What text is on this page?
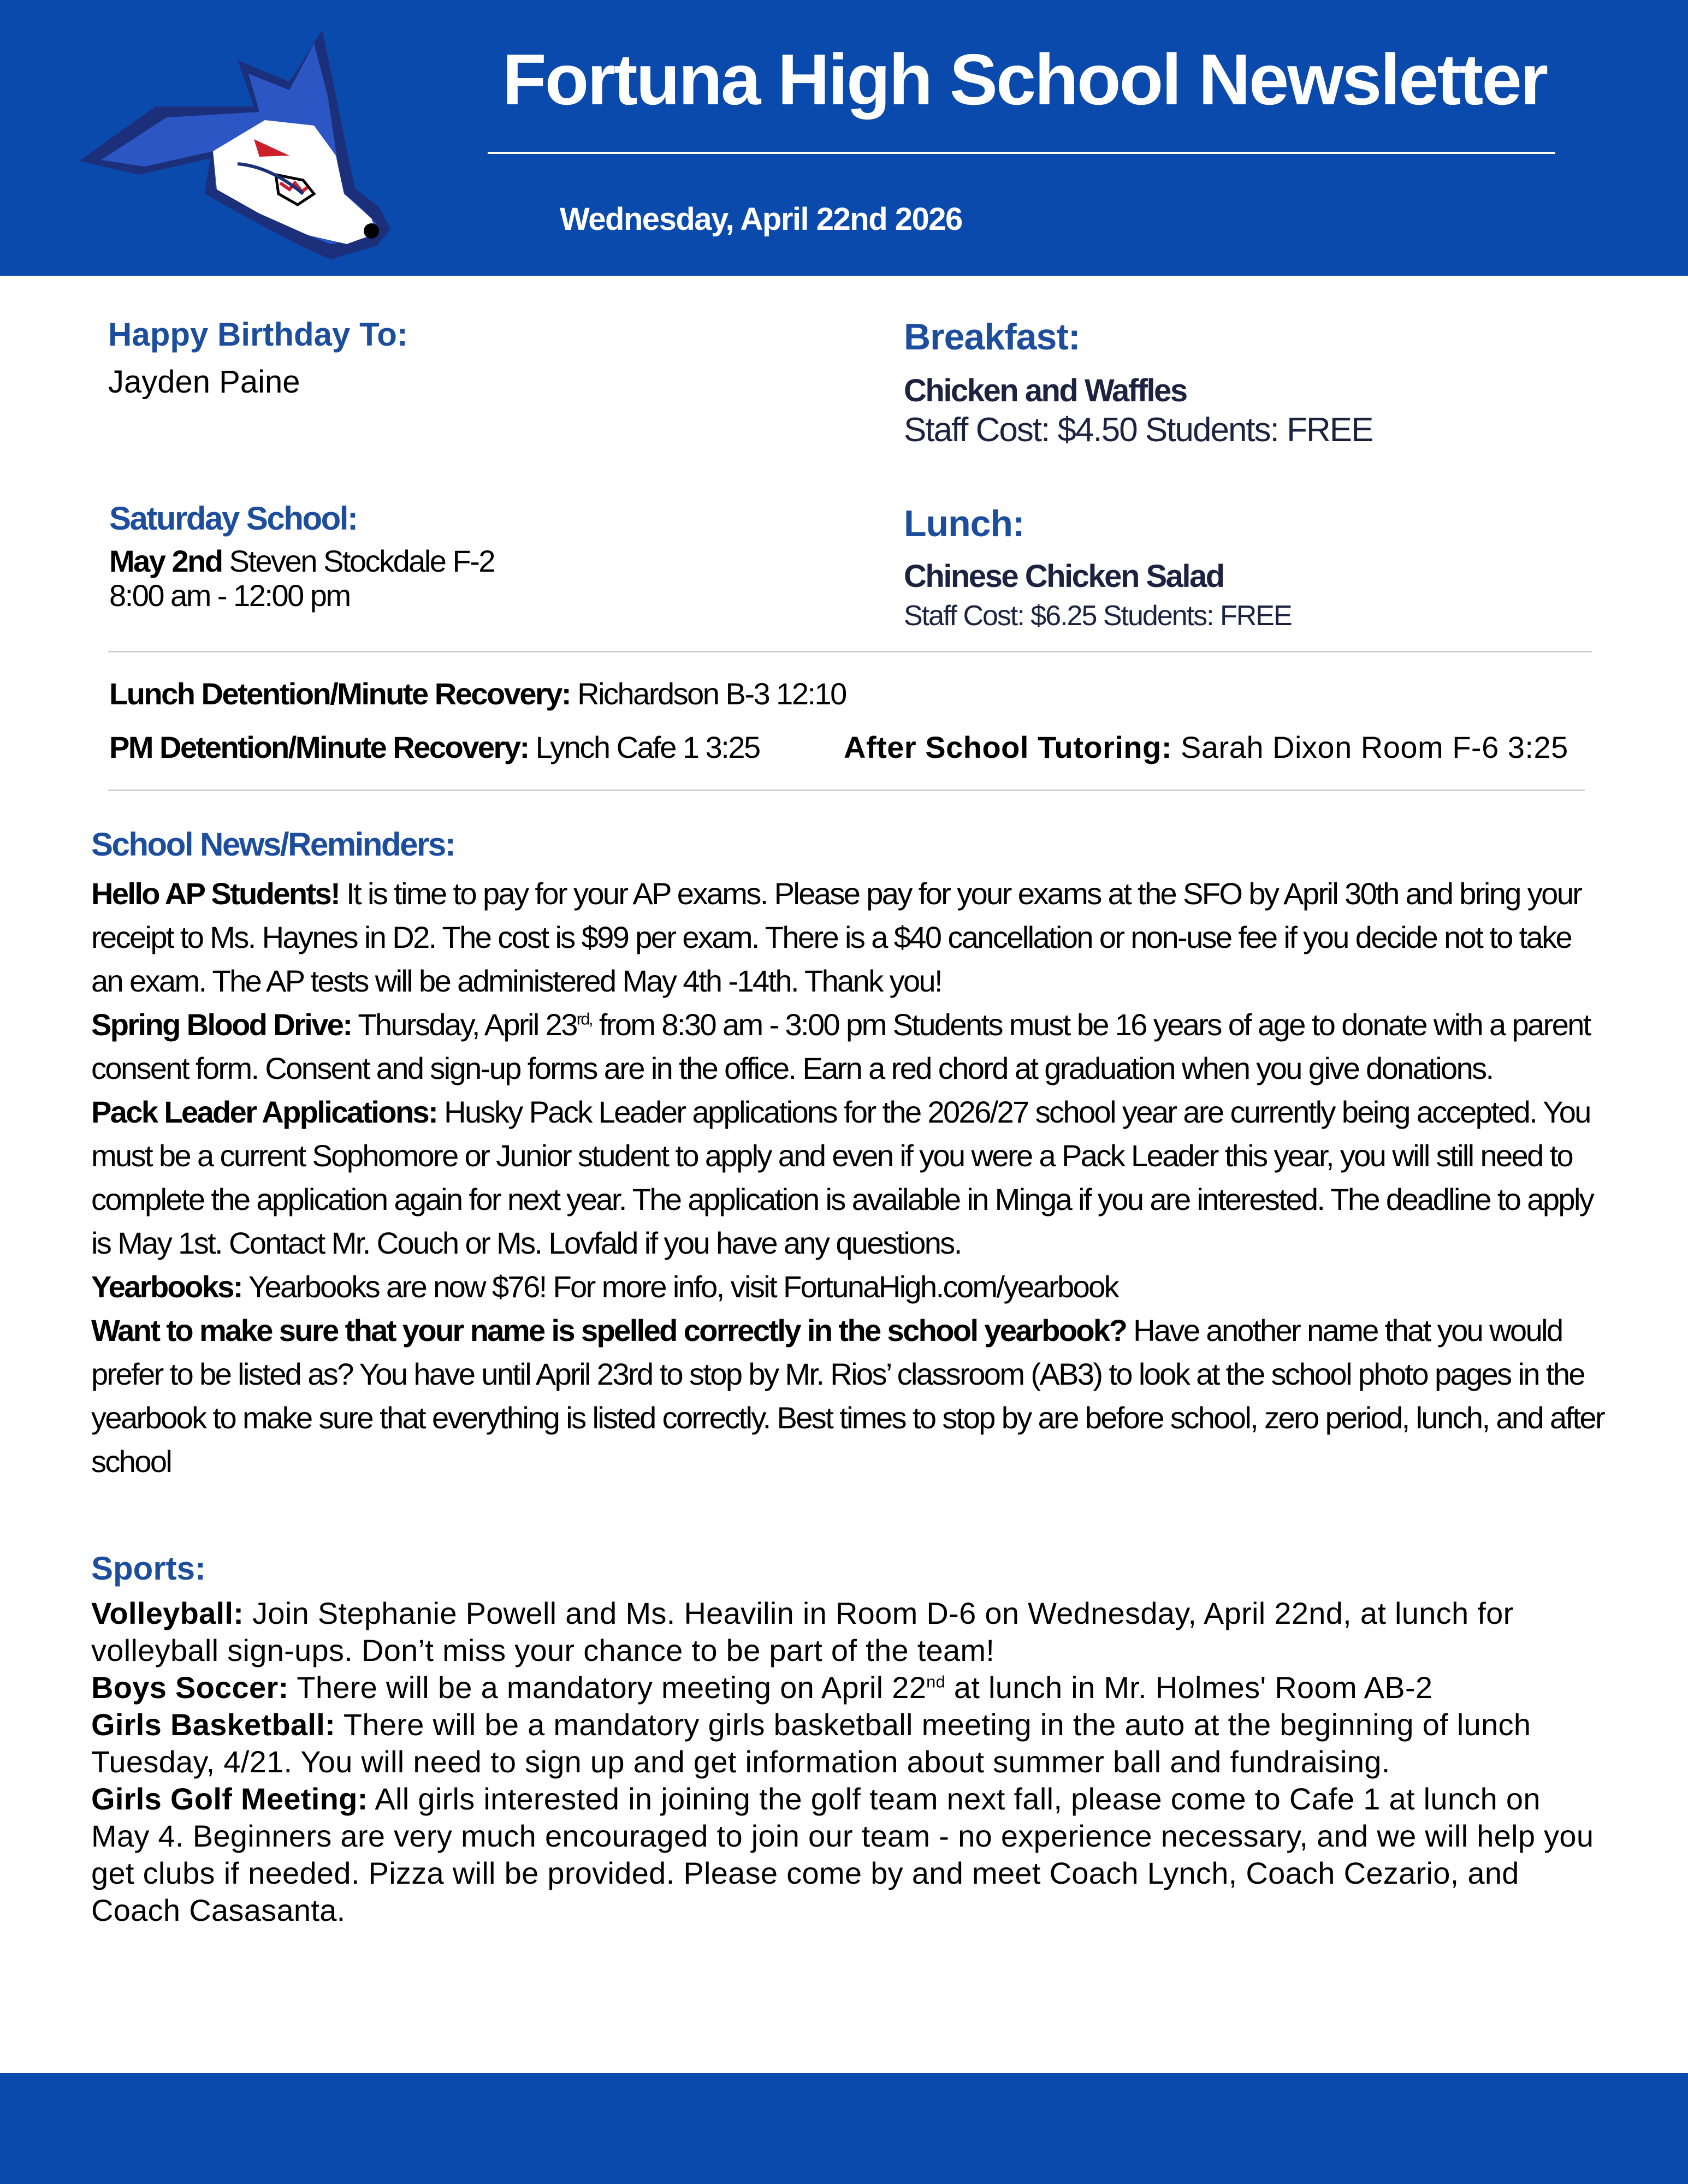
Fortuna High School Newsletter
Wednesday, April 22nd 2026
Happy Birthday To:
Jayden Paine
Saturday School:
May 2nd Steven Stockdale F-2
8:00 am - 12:00 pm
Breakfast:
Chicken and Waffles
Staff Cost: $4.50 Students: FREE
Lunch:
Chinese Chicken Salad
Staff Cost: $6.25 Students: FREE
Lunch Detention/Minute Recovery: Richardson B-3 12:10
PM Detention/Minute Recovery: Lynch Cafe 1 3:25	After School Tutoring: Sarah Dixon Room F-6 3:25
School News/Reminders:

Hello AP Students! It is time to pay for your AP exams. Please pay for your exams at the SFO by April 30th and bring your receipt to Ms. Haynes in D2. The cost is $99 per exam. There is a $40 cancellation or non-use fee if you decide not to take an exam. The AP tests will be administered May 4th -14th. Thank you!

Spring Blood Drive: Thursday, April $23^{rd,}$ from 8:30 am - 3:00 pm Students must be 16 years of age to donate with a parent consent form. Consent and sign-up forms are in the office. Earn a red chord at graduation when you give donations.

Pack Leader Applications: Husky Pack Leader applications for the 2026/27 school year are currently being accepted. You must be a current Sophomore or Junior student to apply and even if you were a Pack Leader this year, you will still need to complete the application again for next year. The application is available in Minga if you are interested. The deadline to apply is May 1st. Contact Mr. Couch or Ms. Lovfald if you have any questions.

Yearbooks: Yearbooks are now $76! For more info, visit FortunaHigh.com/yearbook

Want to make sure that your name is spelled correctly in the school yearbook? Have another name that you would prefer to be listed as? You have until April 23rd to stop by Mr. Rios’ classroom (AB3) to look at the school photo pages in the yearbook to make sure that everything is listed correctly. Best times to stop by are before school, zero period, lunch, and after school

Sports:

Volleyball: Join Stephanie Powell and Ms. Heavilin in Room D-6 on Wednesday, April 22nd, at lunch for volleyball sign-ups. Don’t miss your chance to be part of the team!

Boys Soccer: There will be a mandatory meeting on April 22nd at lunch in Mr. Holmes' Room AB-2

Girls Basketball: There will be a mandatory girls basketball meeting in the auto at the beginning of lunch Tuesday, 4/21. You will need to sign up and get information about summer ball and fundraising.

Girls Golf Meeting: All girls interested in joining the golf team next fall, please come to Cafe 1 at lunch on May 4. Beginners are very much encouraged to join our team - no experience necessary, and we will help you get clubs if needed. Pizza will be provided. Please come by and meet Coach Lynch, Coach Cezario, and Coach Casasanta.
